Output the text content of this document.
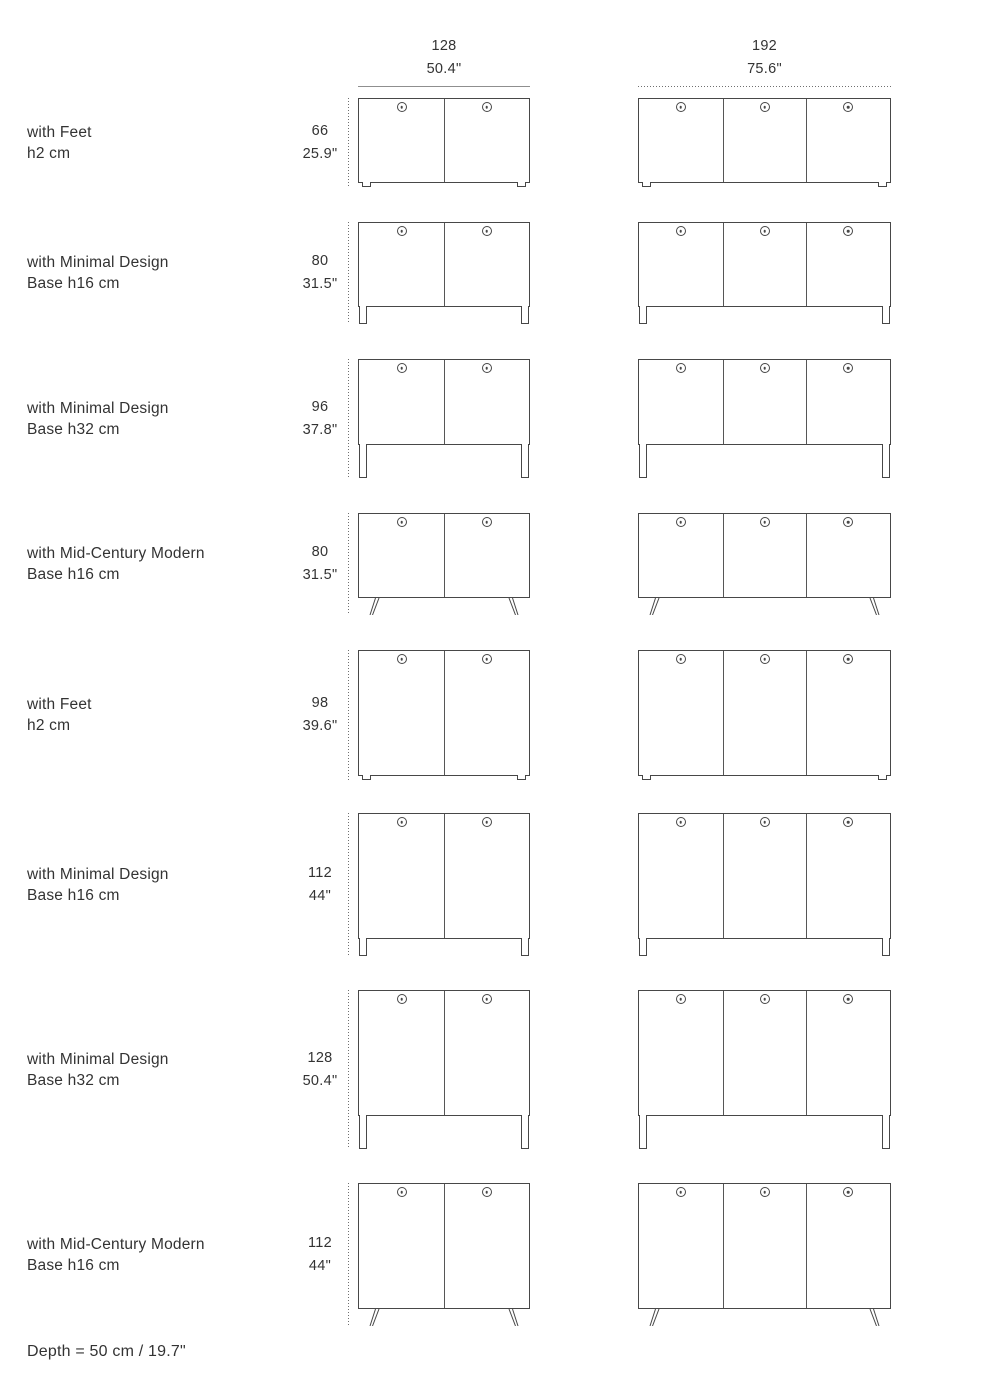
128
50.4"
192
75.6"
with Feet
h2 cm
66
25.9"
with Minimal Design
Base h16 cm
80
31.5"
with Minimal Design
Base h32 cm
96
37.8"
with Mid-Century Modern
Base h16 cm
80
31.5"
with Feet
h2 cm
98
39.6"
with Minimal Design
Base h16 cm
112
44"
with Minimal Design
Base h32 cm
128
50.4"
with Mid-Century Modern
Base h16 cm
112
44"
Depth = 50 cm / 19.7"
